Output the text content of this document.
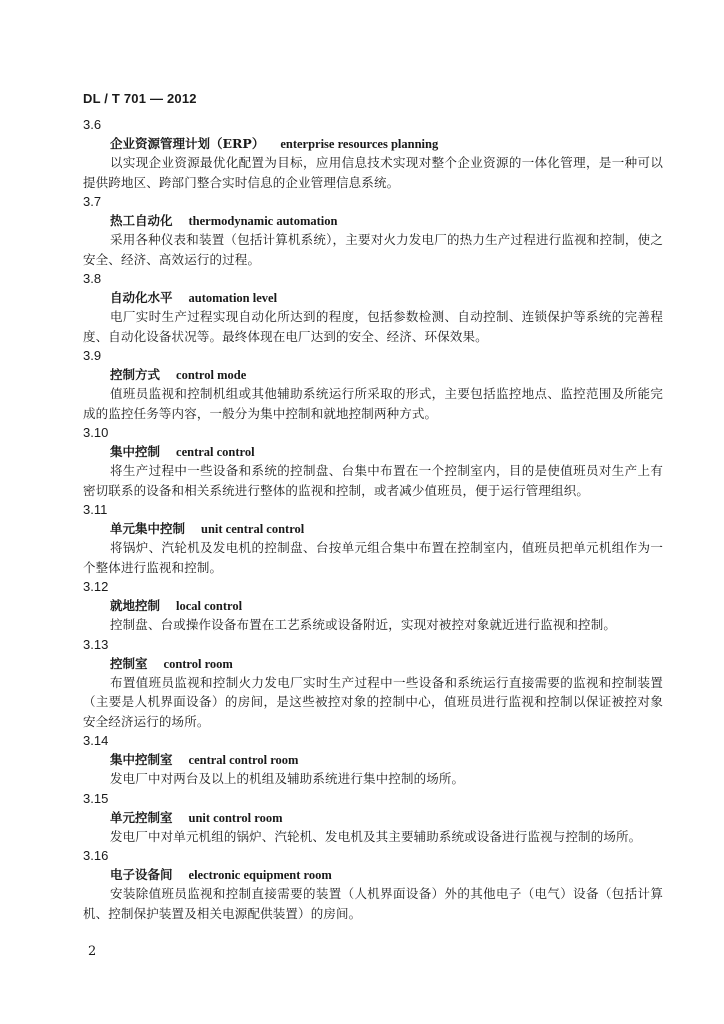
DL / T 701 — 2012
3.6
企业资源管理计划（ERP） enterprise resources planning
以实现企业资源最优化配置为目标，应用信息技术实现对整个企业资源的一体化管理，是一种可以提供跨地区、跨部门整合实时信息的企业管理信息系统。
3.7
热工自动化 thermodynamic automation
采用各种仪表和装置（包括计算机系统），主要对火力发电厂的热力生产过程进行监视和控制，使之安全、经济、高效运行的过程。
3.8
自动化水平 automation level
电厂实时生产过程实现自动化所达到的程度，包括参数检测、自动控制、连锁保护等系统的完善程度、自动化设备状况等。最终体现在电厂达到的安全、经济、环保效果。
3.9
控制方式 control mode
值班员监视和控制机组或其他辅助系统运行所采取的形式，主要包括监控地点、监控范围及所能完成的监控任务等内容，一般分为集中控制和就地控制两种方式。
3.10
集中控制 central control
将生产过程中一些设备和系统的控制盘、台集中布置在一个控制室内，目的是使值班员对生产上有密切联系的设备和相关系统进行整体的监视和控制，或者减少值班员，便于运行管理组织。
3.11
单元集中控制 unit central control
将锅炉、汽轮机及发电机的控制盘、台按单元组合集中布置在控制室内，值班员把单元机组作为一个整体进行监视和控制。
3.12
就地控制 local control
控制盘、台或操作设备布置在工艺系统或设备附近，实现对被控对象就近进行监视和控制。
3.13
控制室 control room
布置值班员监视和控制火力发电厂实时生产过程中一些设备和系统运行直接需要的监视和控制装置（主要是人机界面设备）的房间，是这些被控对象的控制中心，值班员进行监视和控制以保证被控对象安全经济运行的场所。
3.14
集中控制室 central control room
发电厂中对两台及以上的机组及辅助系统进行集中控制的场所。
3.15
单元控制室 unit control room
发电厂中对单元机组的锅炉、汽轮机、发电机及其主要辅助系统或设备进行监视与控制的场所。
3.16
电子设备间 electronic equipment room
安装除值班员监视和控制直接需要的装置（人机界面设备）外的其他电子（电气）设备（包括计算机、控制保护装置及相关电源配供装置）的房间。
2
